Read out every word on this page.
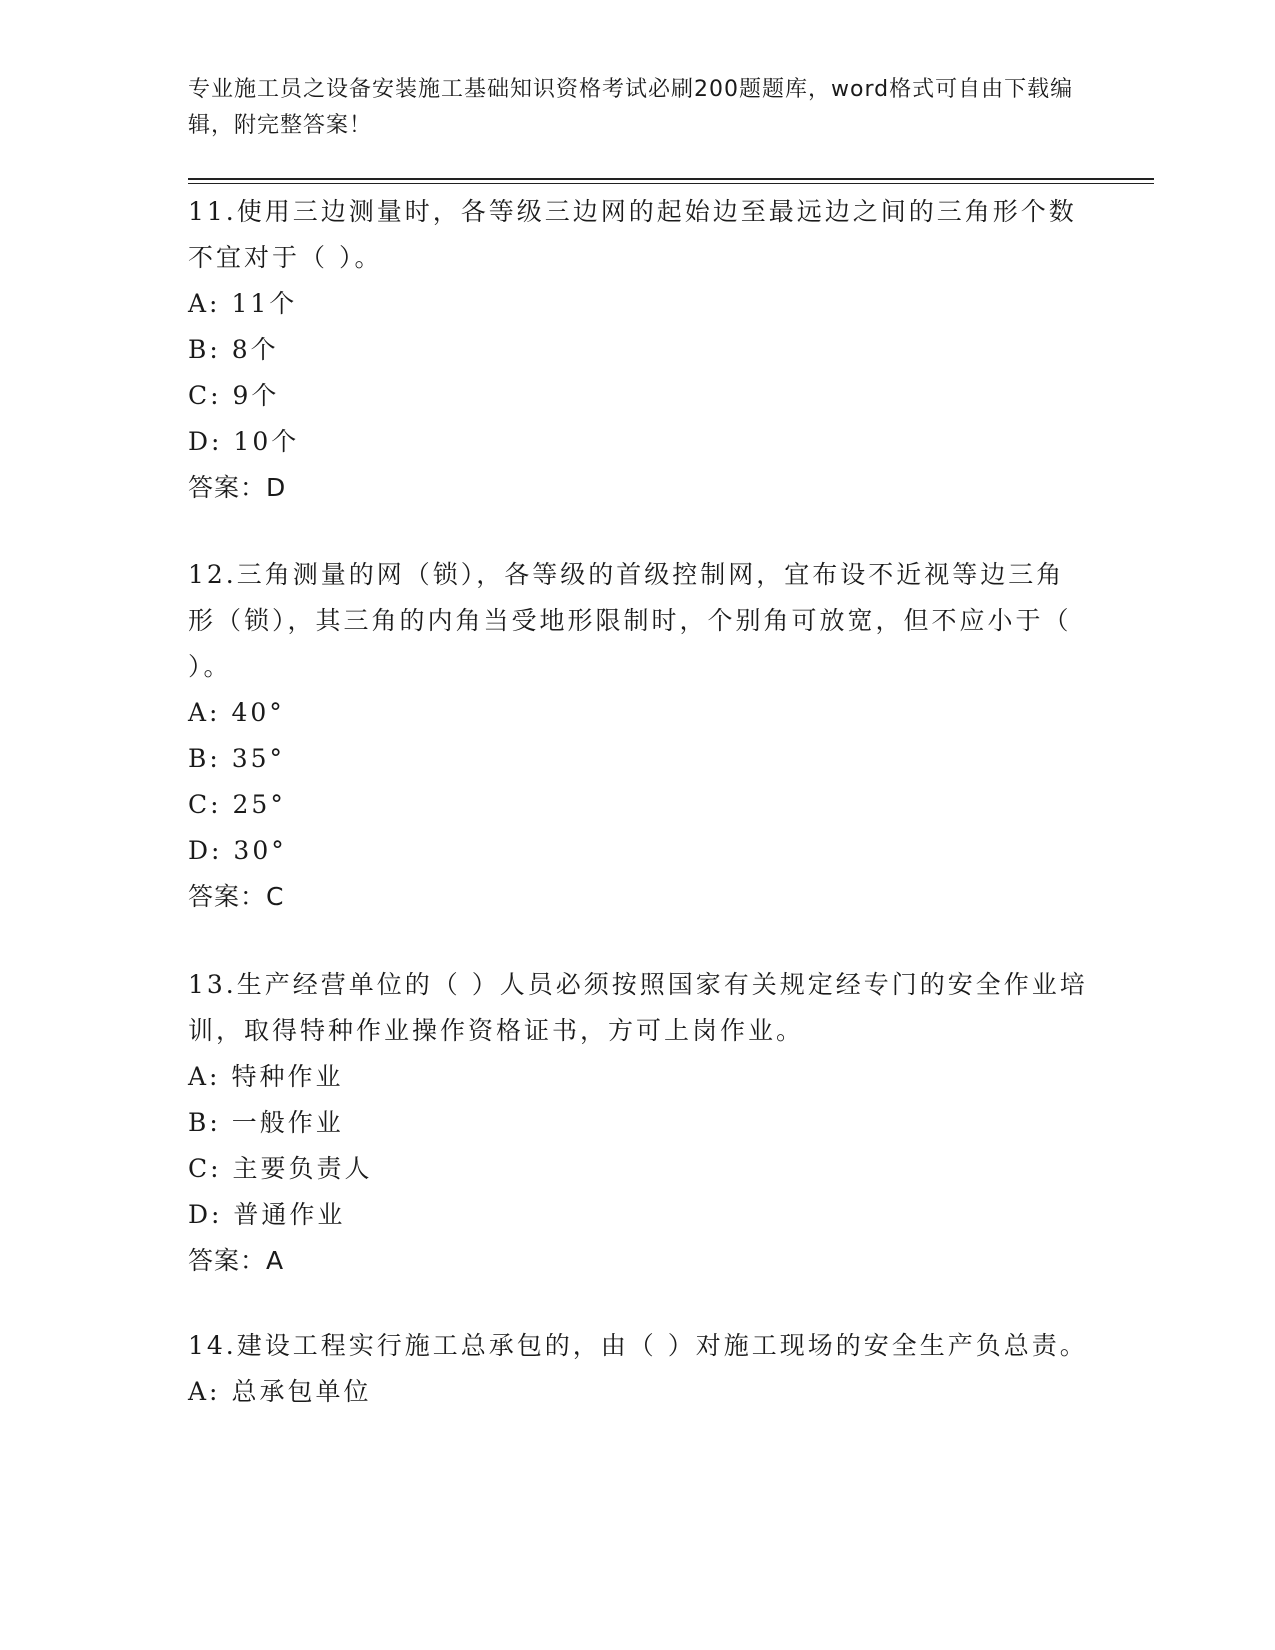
专业施工员之设备安装施工基础知识资格考试必刷200题题库，word格式可自由下载编辑，附完整答案！

11.使用三边测量时，各等级三边网的起始边至最远边之间的三角形个数不宜对于（ ）。

A: 11个
B: 8个
C: 9个
D: 10个
答案：D

12.三角测量的网（锁），各等级的首级控制网，宜布设不近视等边三角形（锁），其三角的内角当受地形限制时，个别角可放宽，但不应小于（ ）。

A: 40°
B: 35°
C: 25°
D: 30°
答案：C

13.生产经营单位的（ ）人员必须按照国家有关规定经专门的安全作业培训，取得特种作业操作资格证书，方可上岗作业。

A: 特种作业
B: 一般作业
C: 主要负责人
D: 普通作业
答案：A

14.建设工程实行施工总承包的，由（ ）对施工现场的安全生产负总责。

A: 总承包单位
